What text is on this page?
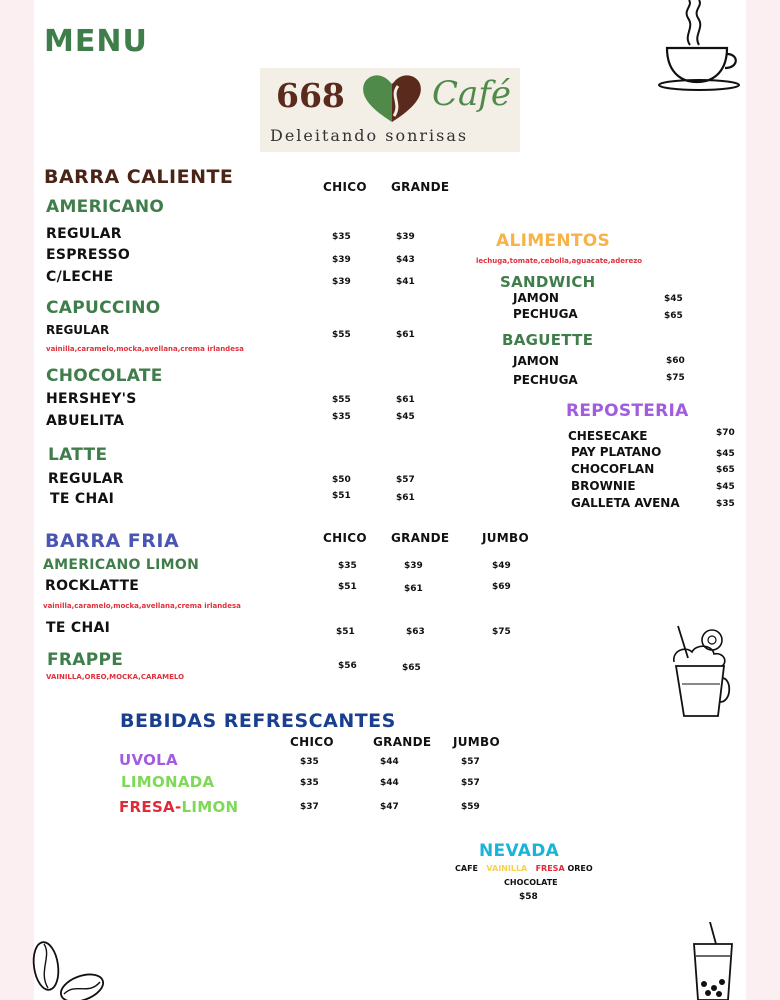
MENU
668	Café
Deleitando sonrisas
BARRA CALIENTE	CHICO GRANDE
AMERICANO
REGULAR	$35	$39
ESPRESSO	$39	$43
C/LECHE	$39	$41
CAPUCCINO
REGULAR	$55	$61
vainilla,caramelo,mocka,avellana,crema irlandesa
CHOCOLATE
HERSHEY'S	$55	$61
ABUELITA	$35	$45
LATTE
REGULAR	$50	$57
TE CHAI	$51	$61
ALIMENTOS
lechuga,tomate,cebolla,aguacate,aderezo
SANDWICH
JAMON	$45
PECHUGA	$65
BAGUETTE
JAMON	$60
PECHUGA	$75
REPOSTERIA
CHESECAKE	$70
PAY PLATANO	$45
CHOCOFLAN	$65
BROWNIE	$45
GALLETA AVENA	$35
BARRA FRIA	CHICO GRANDE	JUMBO
AMERICANO LIMON	$35	$39	$49
ROCKLATTE	$51	$61	$69
vainilla,caramelo,mocka,avellana,crema irlandesa
TE CHAI	$51	$63	$75
FRAPPE	$56	$65
VAINILLA,OREO,MOCKA,CARAMELO
BEBIDAS REFRESCANTES
CHICO	GRANDE JUMBO
UVOLA	$35	$44	$57
LIMONADA	$35	$44	$57
FRESA-LIMON	$37	$47	$59
NEVADA
CAFE VAINILLA FRESA OREO
CHOCOLATE
$58
